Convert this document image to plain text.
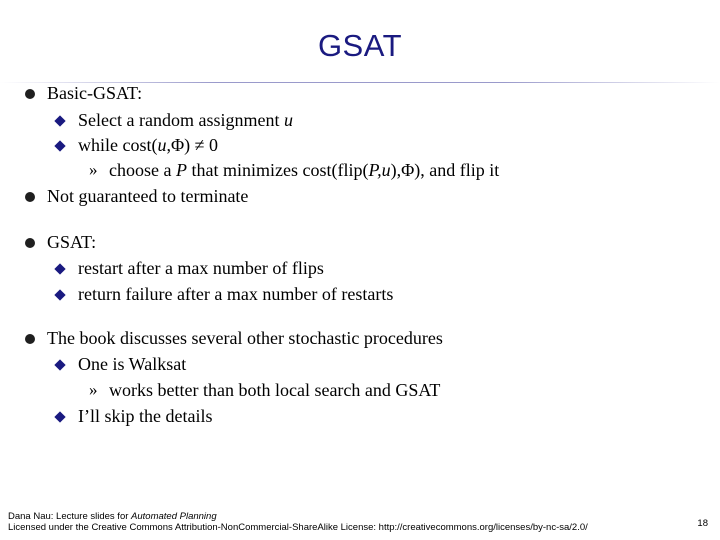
GSAT
Basic-GSAT:
Select a random assignment u
while cost(u,Φ) ≠ 0
» choose a P that minimizes cost(flip(P,u),Φ), and flip it
Not guaranteed to terminate
GSAT:
restart after a max number of flips
return failure after a max number of restarts
The book discusses several other stochastic procedures
One is Walksat
» works better than both local search and GSAT
I’ll skip the details
Dana Nau: Lecture slides for Automated Planning
Licensed under the Creative Commons Attribution-NonCommercial-ShareAlike License: http://creativecommons.org/licenses/by-nc-sa/2.0/	18
